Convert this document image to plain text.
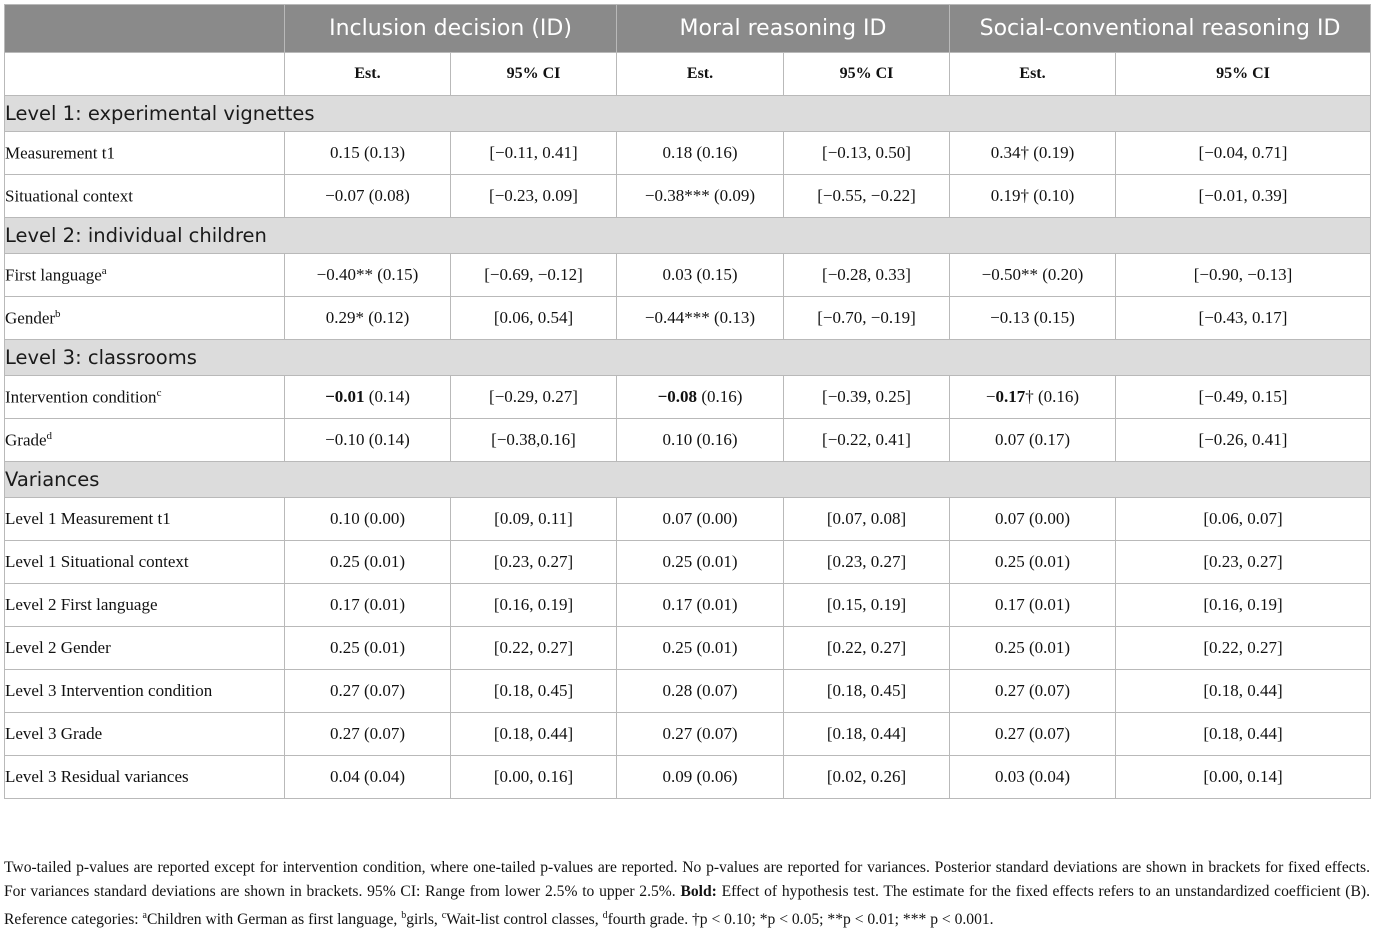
	Inclusion decision (ID)		Moral reasoning ID		Social-conventional reasoning ID	
	Est.	95% CI	Est.	95% CI	Est.	95% CI
Level 1: experimental vignettes						
Measurement t1	0.15 (0.13)	[−0.11, 0.41]	0.18 (0.16)	[−0.13, 0.50]	0.34† (0.19)	[−0.04, 0.71]
Situational context	−0.07 (0.08)	[−0.23, 0.09]	−0.38*** (0.09)	[−0.55, −0.22]	0.19† (0.10)	[−0.01, 0.39]
Level 2: individual children						
First language$^a$	−0.40** (0.15)	[−0.69, −0.12]	0.03 (0.15)	[−0.28, 0.33]	−0.50** (0.20)	[−0.90, −0.13]
Gender$^b$	0.29* (0.12)	[0.06, 0.54]	−0.44*** (0.13)	[−0.70, −0.19]	−0.13 (0.15)	[−0.43, 0.17]
Level 3: classrooms						
Intervention condition$^c$	−0.01 (0.14)	[−0.29, 0.27]	−0.08 (0.16)	[−0.39, 0.25]	−0.17† (0.16)	[−0.49, 0.15]
Grade$^d$	−0.10 (0.14)	[−0.38,0.16]	0.10 (0.16)	[−0.22, 0.41]	0.07 (0.17)	[−0.26, 0.41]
Variances						
Level 1 Measurement t1	0.10 (0.00)	[0.09, 0.11]	0.07 (0.00)	[0.07, 0.08]	0.07 (0.00)	[0.06, 0.07]
Level 1 Situational context	0.25 (0.01)	[0.23, 0.27]	0.25 (0.01)	[0.23, 0.27]	0.25 (0.01)	[0.23, 0.27]
Level 2 First language	0.17 (0.01)	[0.16, 0.19]	0.17 (0.01)	[0.15, 0.19]	0.17 (0.01)	[0.16, 0.19]
Level 2 Gender	0.25 (0.01)	[0.22, 0.27]	0.25 (0.01)	[0.22, 0.27]	0.25 (0.01)	[0.22, 0.27]
Level 3 Intervention condition	0.27 (0.07)	[0.18, 0.45]	0.28 (0.07)	[0.18, 0.45]	0.27 (0.07)	[0.18, 0.44]
Level 3 Grade	0.27 (0.07)	[0.18, 0.44]	0.27 (0.07)	[0.18, 0.44]	0.27 (0.07)	[0.18, 0.44]
Level 3 Residual variances	0.04 (0.04)	[0.00, 0.16]	0.09 (0.06)	[0.02, 0.26]	0.03 (0.04)	[0.00, 0.14]
Two-tailed p-values are reported except for intervention condition, where one-tailed p-values are reported. No p-values are reported for variances. Posterior standard deviations are shown in brackets for fixed effects. For variances standard deviations are shown in brackets. 95% CI: Range from lower 2.5% to upper 2.5%. Bold: Effect of hypothesis test. The estimate for the fixed effects refers to an unstandardized coefficient (B). Reference categories: $^a$Children with German as first language, $^b$girls, $^c$Wait-list control classes, $^d$fourth grade. †p < 0.10; *p < 0.05; **p < 0.01; *** p < 0.001.
